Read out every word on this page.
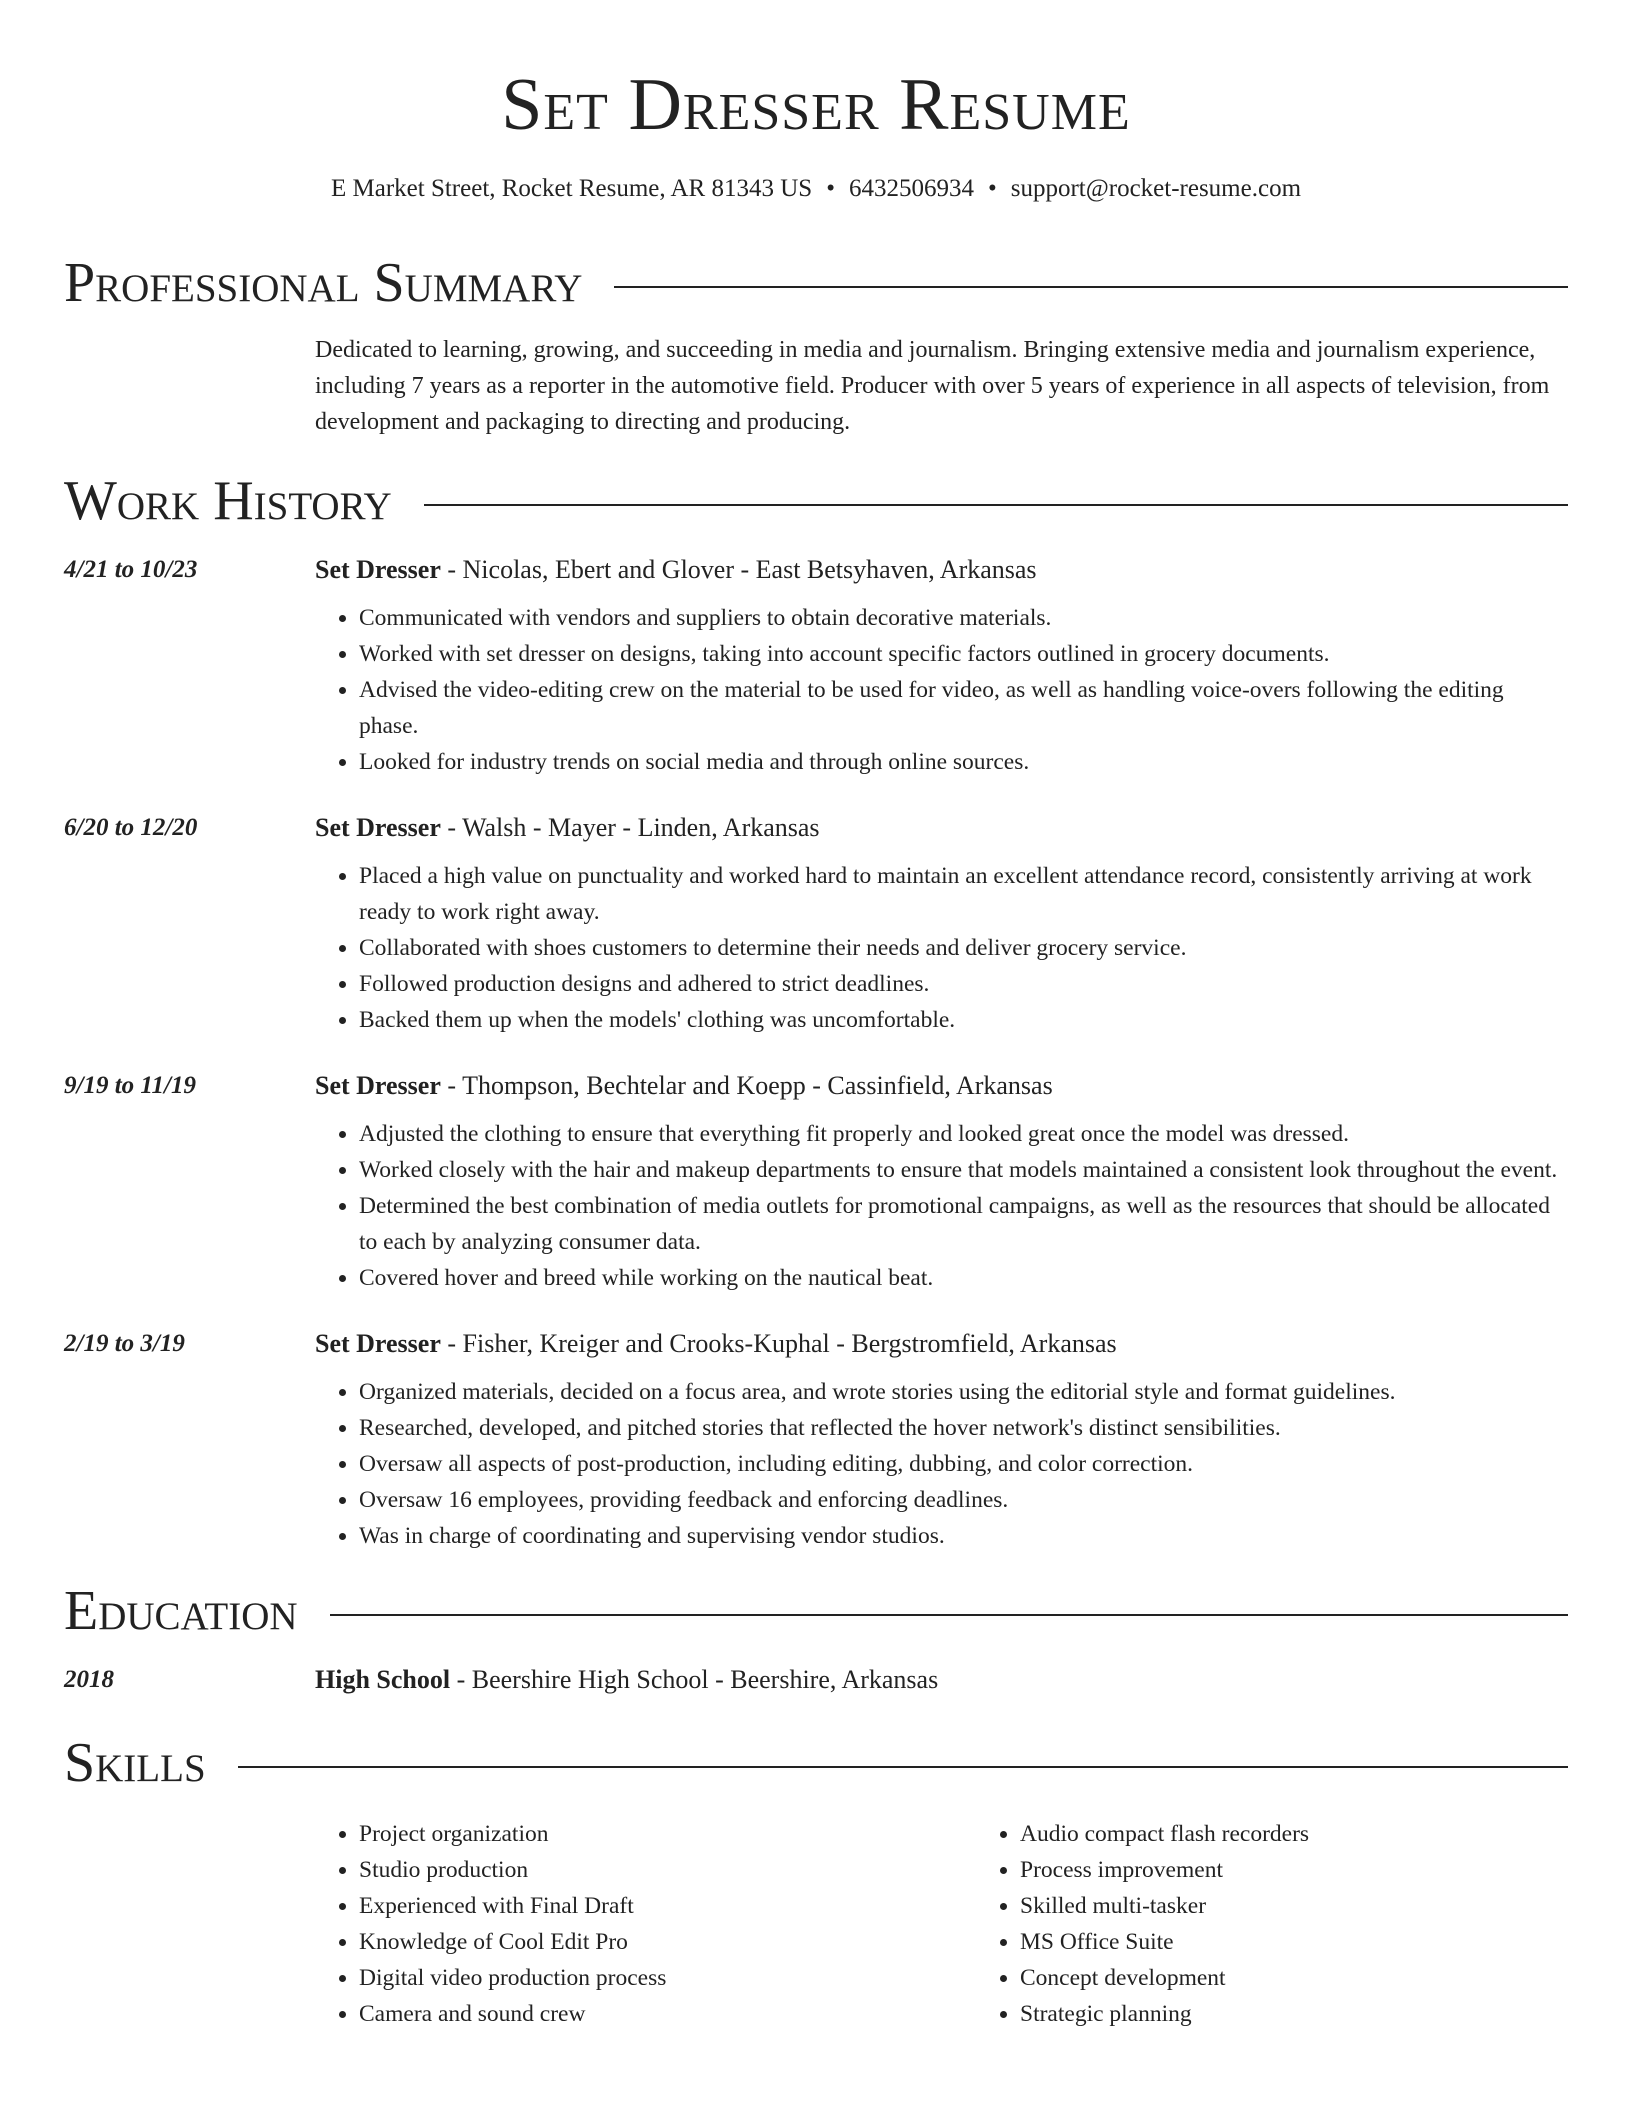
Set Dresser Resume
E Market Street, Rocket Resume, AR 81343 US • 6432506934 • support@rocket-resume.com
Professional Summary
Dedicated to learning, growing, and succeeding in media and journalism. Bringing extensive media and journalism experience, including 7 years as a reporter in the automotive field. Producer with over 5 years of experience in all aspects of television, from development and packaging to directing and producing.
Work History
4/21 to 10/23	Set Dresser - Nicolas, Ebert and Glover - East Betsyhaven, Arkansas
• Communicated with vendors and suppliers to obtain decorative materials.
• Worked with set dresser on designs, taking into account specific factors outlined in grocery documents.
• Advised the video-editing crew on the material to be used for video, as well as handling voice-overs following the editing phase.
• Looked for industry trends on social media and through online sources.
6/20 to 12/20	Set Dresser - Walsh - Mayer - Linden, Arkansas
• Placed a high value on punctuality and worked hard to maintain an excellent attendance record, consistently arriving at work ready to work right away.
• Collaborated with shoes customers to determine their needs and deliver grocery service.
• Followed production designs and adhered to strict deadlines.
• Backed them up when the models' clothing was uncomfortable.
9/19 to 11/19	Set Dresser - Thompson, Bechtelar and Koepp - Cassinfield, Arkansas
• Adjusted the clothing to ensure that everything fit properly and looked great once the model was dressed.
• Worked closely with the hair and makeup departments to ensure that models maintained a consistent look throughout the event.
• Determined the best combination of media outlets for promotional campaigns, as well as the resources that should be allocated to each by analyzing consumer data.
• Covered hover and breed while working on the nautical beat.
2/19 to 3/19	Set Dresser - Fisher, Kreiger and Crooks-Kuphal - Bergstromfield, Arkansas
• Organized materials, decided on a focus area, and wrote stories using the editorial style and format guidelines.
• Researched, developed, and pitched stories that reflected the hover network's distinct sensibilities.
• Oversaw all aspects of post-production, including editing, dubbing, and color correction.
• Oversaw 16 employees, providing feedback and enforcing deadlines.
• Was in charge of coordinating and supervising vendor studios.
Education
2018	High School - Beershire High School - Beershire, Arkansas
Skills
• Project organization
• Studio production
• Experienced with Final Draft
• Knowledge of Cool Edit Pro
• Digital video production process
• Camera and sound crew
• Audio compact flash recorders
• Process improvement
• Skilled multi-tasker
• MS Office Suite
• Concept development
• Strategic planning
